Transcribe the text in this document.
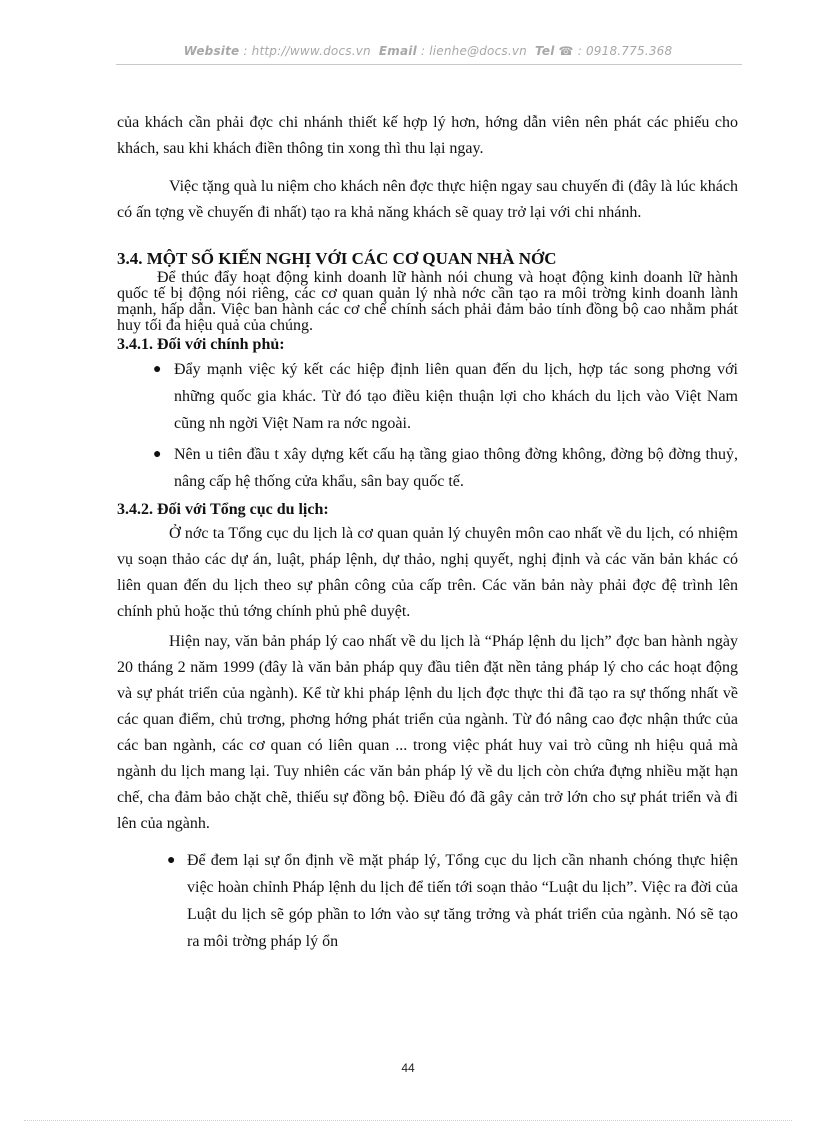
Website : http://www.docs.vn Email : lienhe@docs.vn Tel ☎ : 0918.775.368

của khách cần phải đợc chi nhánh thiết kế hợp lý hơn, hớng dẫn viên nên phát các phiếu cho khách, sau khi khách điền thông tin xong thì thu lại ngay.

Việc tặng quà lu niệm cho khách nên đợc thực hiện ngay sau chuyến đi (đây là lúc khách có ấn tợng về chuyến đi nhất) tạo ra khả năng khách sẽ quay trở lại với chi nhánh.

3.4. MỘT SỐ KIẾN NGHỊ VỚI CÁC CƠ QUAN NHÀ NỚC

Để thúc đẩy hoạt động kinh doanh lữ hành nói chung và hoạt động kinh doanh lữ hành quốc tế bị động nói riêng, các cơ quan quản lý nhà nớc cần tạo ra môi trờng kinh doanh lành mạnh, hấp dẫn. Việc ban hành các cơ chế chính sách phải đảm bảo tính đồng bộ cao nhằm phát huy tối đa hiệu quả của chúng.

3.4.1. Đối với chính phủ:
● Đẩy mạnh việc ký kết các hiệp định liên quan đến du lịch, hợp tác song phơng với những quốc gia khác. Từ đó tạo điều kiện thuận lợi cho khách du lịch vào Việt Nam cũng nh ngời Việt Nam ra nớc ngoài.
● Nên u tiên đầu t xây dựng kết cấu hạ tầng giao thông đờng không, đờng bộ đờng thuỷ, nâng cấp hệ thống cửa khẩu, sân bay quốc tế.
3.4.2. Đối với Tổng cục du lịch:

Ở nớc ta Tổng cục du lịch là cơ quan quản lý chuyên môn cao nhất về du lịch, có nhiệm vụ soạn thảo các dự án, luật, pháp lệnh, dự thảo, nghị quyết, nghị định và các văn bản khác có liên quan đến du lịch theo sự phân công của cấp trên. Các văn bản này phải đợc đệ trình lên chính phủ hoặc thủ tớng chính phủ phê duyệt.

Hiện nay, văn bản pháp lý cao nhất về du lịch là “Pháp lệnh du lịch” đợc ban hành ngày 20 tháng 2 năm 1999 (đây là văn bản pháp quy đầu tiên đặt nền tảng pháp lý cho các hoạt động và sự phát triển của ngành). Kể từ khi pháp lệnh du lịch đợc thực thi đã tạo ra sự thống nhất về các quan điểm, chủ trơng, phơng hớng phát triển của ngành. Từ đó nâng cao đợc nhận thức của các ban ngành, các cơ quan có liên quan ... trong việc phát huy vai trò cũng nh hiệu quả mà ngành du lịch mang lại. Tuy nhiên các văn bản pháp lý về du lịch còn chứa đựng nhiều mặt hạn chế, cha đảm bảo chặt chẽ, thiếu sự đồng bộ. Điều đó đã gây cản trở lớn cho sự phát triển và đi lên của ngành.

● Để đem lại sự ổn định về mặt pháp lý, Tổng cục du lịch cần nhanh chóng thực hiện việc hoàn chỉnh Pháp lệnh du lịch để tiến tới soạn thảo “Luật du lịch”. Việc ra đời của Luật du lịch sẽ góp phần to lớn vào sự tăng trởng và phát triển của ngành. Nó sẽ tạo ra môi trờng pháp lý ổn
44
